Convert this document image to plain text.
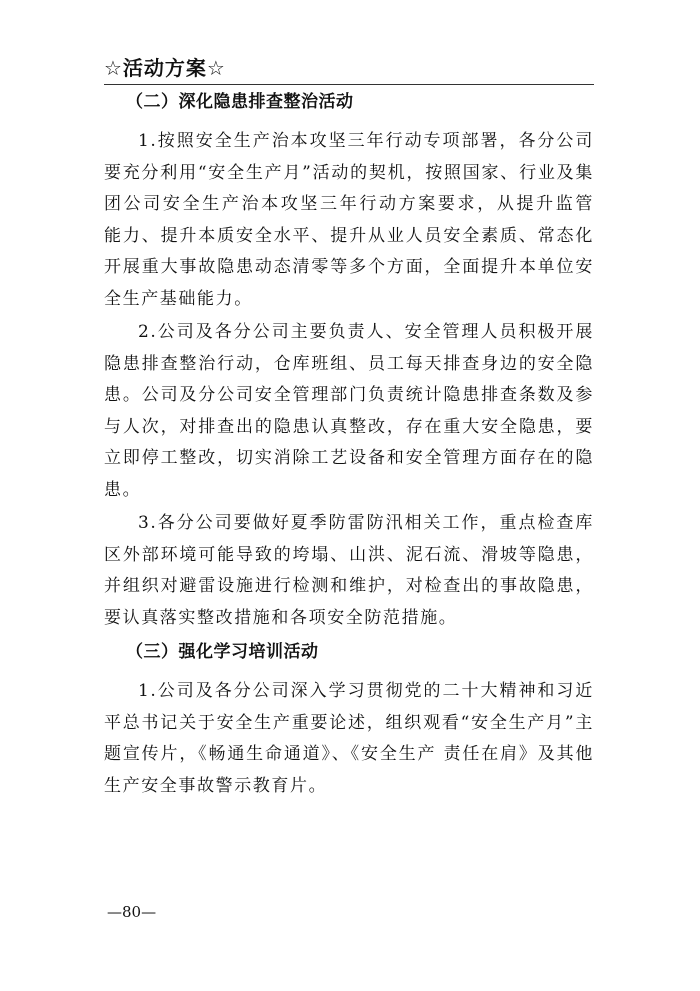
☆活动方案☆
（二）深化隐患排查整治活动

1.按照安全生产治本攻坚三年行动专项部署，各分公司要充分利用“安全生产月”活动的契机，按照国家、行业及集团公司安全生产治本攻坚三年行动方案要求，从提升监管 能力、提升本质安全水平、提升从业人员安全素质、常态化 开展重大事故隐患动态清零等多个方面，全面提升本单位安 全生产基础能力。

2.公司及各分公司主要负责人、安全管理人员积极开展隐患排查整治行动，仓库班组、员工每天排查身边的安全隐患。公司及分公司安全管理部门负责统计隐患排查条数及参与人次，对排查出的隐患认真整改，存在重大安全隐患，要立即停工整改，切实消除工艺设备和安全管理方面存在的隐患。

3.各分公司要做好夏季防雷防汛相关工作，重点检查库区外部环境可能导致的垮塌、山洪、泥石流、滑坡等隐患，并组织对避雷设施进行检测和维护，对检查出的事故隐患，要认真落实整改措施和各项安全防范措施。

（三）强化学习培训活动

1.公司及各分公司深入学习贯彻党的二十大精神和习近平总书记关于安全生产重要论述，组织观看“安全生产月”主题宣传片，《畅通生命通道》、《安全生产 责任在肩》及其他生产安全事故警示教育片。

—80—
